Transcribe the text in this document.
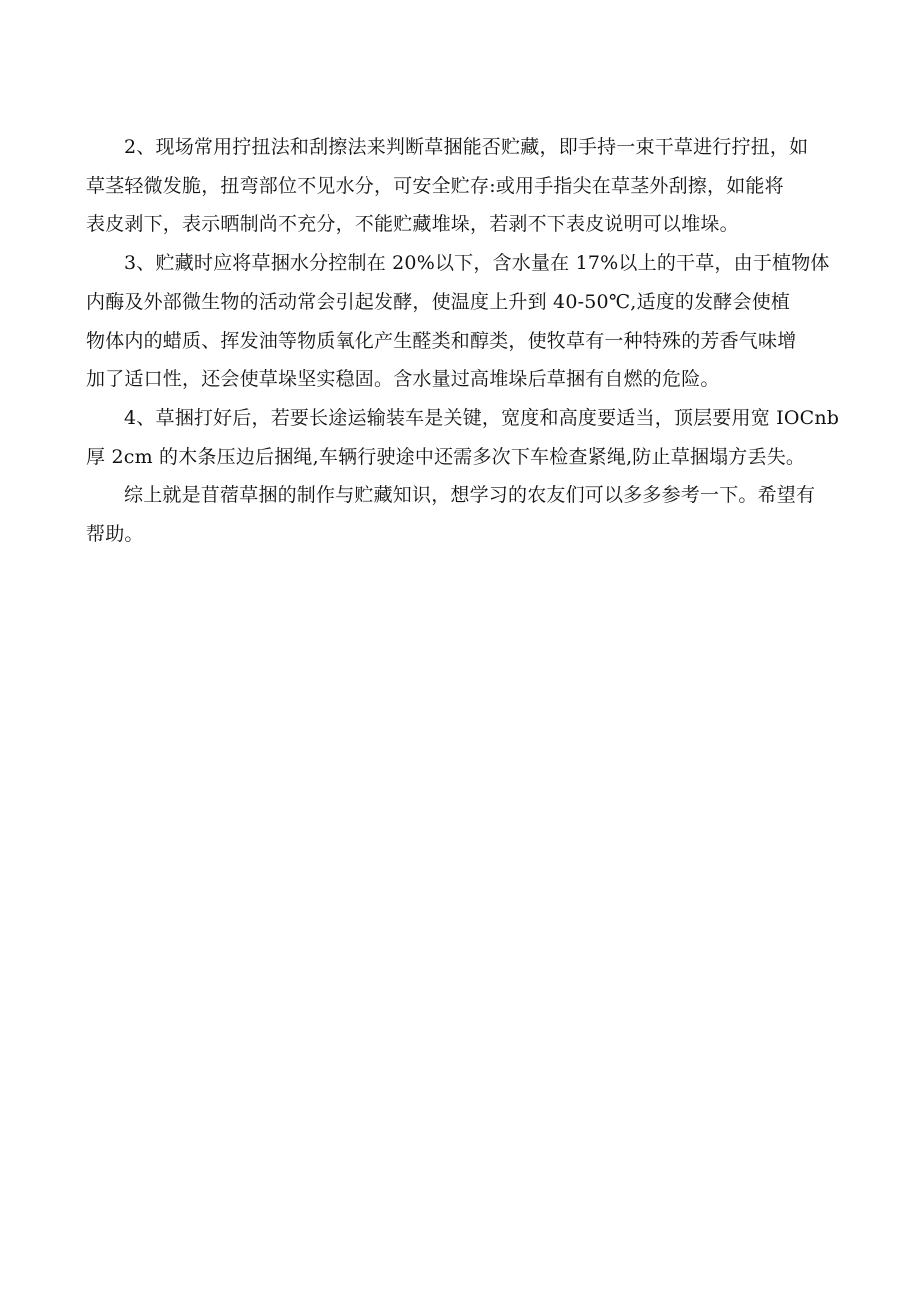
2、现场常用拧扭法和刮擦法来判断草捆能否贮藏，即手持一束干草进行拧扭，如
草茎轻微发脆，扭弯部位不见水分，可安全贮存:或用手指尖在草茎外刮擦，如能将
表皮剥下，表示晒制尚不充分，不能贮藏堆垛，若剥不下表皮说明可以堆垛。

3、贮藏时应将草捆水分控制在 20%以下，含水量在 17%以上的干草，由于植物体
内酶及外部微生物的活动常会引起发酵，使温度上升到 40-50℃,适度的发酵会使植
物体内的蜡质、挥发油等物质氧化产生醛类和醇类，使牧草有一种特殊的芳香气味增
加了适口性，还会使草垛坚实稳固。含水量过高堆垛后草捆有自燃的危险。

4、草捆打好后，若要长途运输装车是关键，宽度和高度要适当，顶层要用宽 IOCnb
厚 2cm 的木条压边后捆绳,车辆行驶途中还需多次下车检查紧绳,防止草捆塌方丢失。

综上就是苜蓿草捆的制作与贮藏知识，想学习的农友们可以多多参考一下。希望有
帮助。
